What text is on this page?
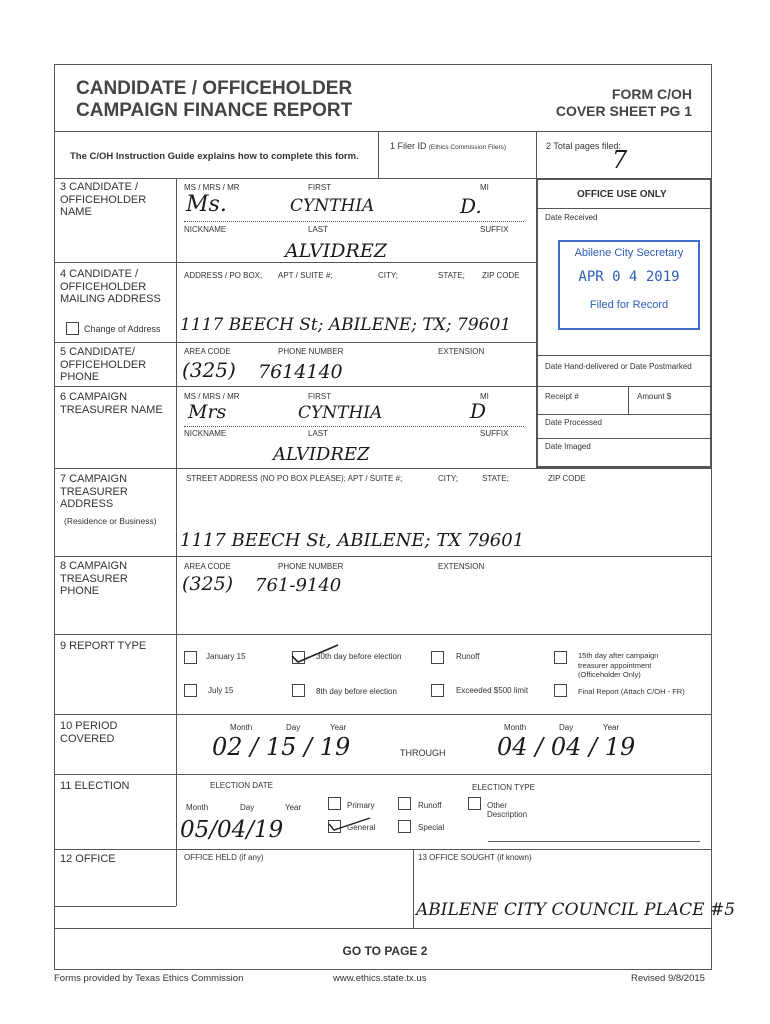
CANDIDATE / OFFICEHOLDER
CAMPAIGN FINANCE REPORT
FORM C/OH
COVER SHEET PG 1
The C/OH Instruction Guide explains how to complete this form.
1 Filer ID (Ethics Commission Filers)	2 Total pages filed:
7
3 CANDIDATE / OFFICEHOLDER NAME
MS / MRS / MR	FIRST	MI
Ms.	CYNTHIA	D.
NICKNAME	LAST	SUFFIX
ALVIDREZ
4 CANDIDATE / OFFICEHOLDER MAILING ADDRESS
Change of Address
ADDRESS / PO BOX; APT / SUITE #;	CITY;	STATE; ZIP CODE
1117 BEECH St; ABILENE; TX; 79601
5 CANDIDATE/ OFFICEHOLDER PHONE
AREA CODE	PHONE NUMBER	EXTENSION
(325) 7614140
OFFICE USE ONLY
Date Received
Abilene City Secretary
APR 0 4 2019
Filed for Record
Date Hand-delivered or Date Postmarked
Receipt #	Amount $
Date Processed
Date Imaged
6 CAMPAIGN TREASURER NAME
MS / MRS / MR	FIRST	MI
Mrs	CYNTHIA	D
NICKNAME	LAST	SUFFIX
ALVIDREZ
7 CAMPAIGN TREASURER ADDRESS
(Residence or Business)
STREET ADDRESS (NO PO BOX PLEASE); APT / SUITE #;	CITY;	STATE;	ZIP CODE
1117 BEECH St, ABILENE; TX 79601
8 CAMPAIGN TREASURER PHONE
AREA CODE	PHONE NUMBER	EXTENSION
(325) 761-9140
9 REPORT TYPE
January 15	30th day before election	Runoff	15th day after campaign
treasurer appointment
(Officeholder Only)
July 15	8th day before election	Exceeded $500 limit	Final Report (Attach C/OH - FR)
10 PERIOD COVERED
Month	Day	Year
02 / 15 / 19	THROUGH
Month	Day	Year
04 / 04 / 19
11 ELECTION	ELECTION DATE	ELECTION TYPE
Month	Day	Year
05/04/19
Primary	Runoff	Other
Description
General	Special
12 OFFICE	OFFICE HELD (if any)	13 OFFICE SOUGHT (if known)
ABILENE CITY COUNCIL PLACE #5
GO TO PAGE 2
Forms provided by Texas Ethics Commission	www.ethics.state.tx.us	Revised 9/8/2015
